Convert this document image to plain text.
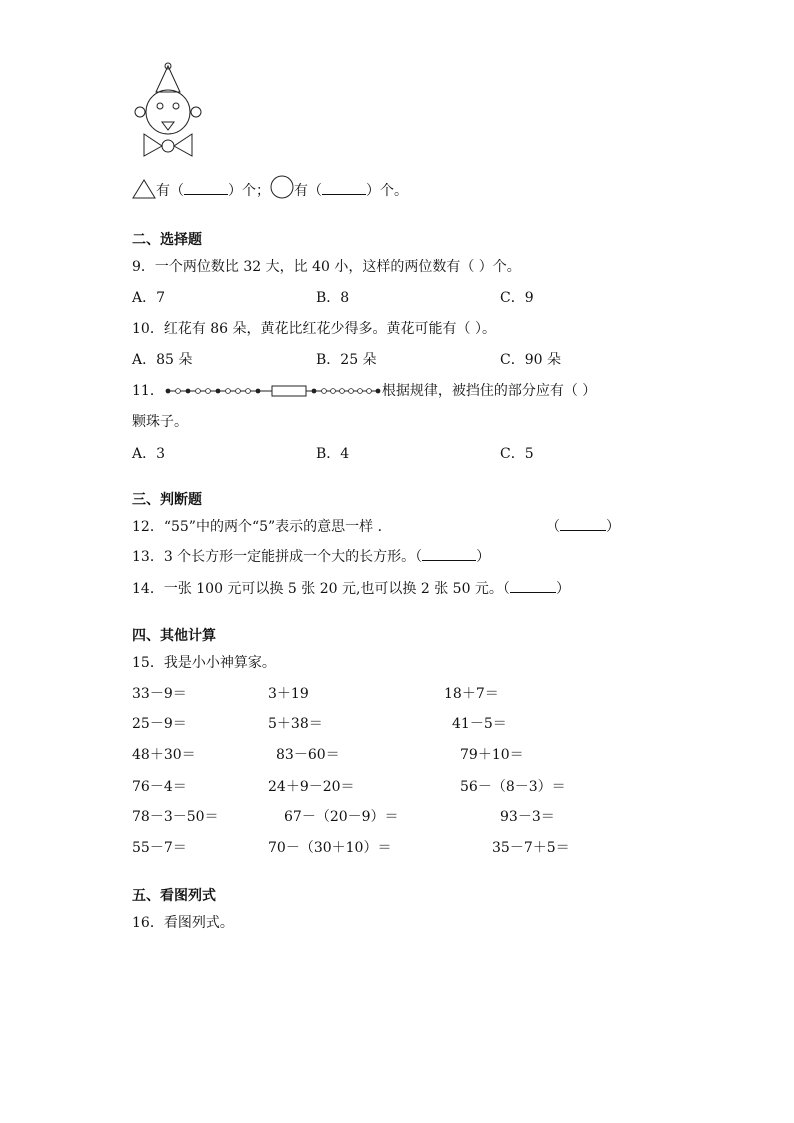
有（	）个； 有（	）个。
二、选择题
9．一个两位数比 32 大，比 40 小，这样的两位数有（ ）个。
A．7	B．8	C．9
10．红花有 86 朵，黄花比红花少得多。黄花可能有（ ）。
A．85 朵	B．25 朵	C．90 朵
11．	根据规律，被挡住的部分应有（ ）
颗珠子。
A．3	B．4	C．5
三、判断题
12．“55”中的两个“5”表示的意思一样 ．	（	）
13．3 个长方形一定能拼成一个大的长方形。（	）
14．一张 100 元可以换 5 张 20 元,也可以换 2 张 50 元。（	）
四、其他计算
15．我是小小神算家。
33－9＝	3＋19	18＋7＝
25－9＝	5＋38＝	41－5＝
48＋30＝	83－60＝	79＋10＝
76－4＝	24＋9－20＝	56－（8－3）＝
78－3－50＝	67－（20－9）＝	93－3＝
55－7＝	70－（30＋10）＝	35－7＋5＝
五、看图列式
16．看图列式。
